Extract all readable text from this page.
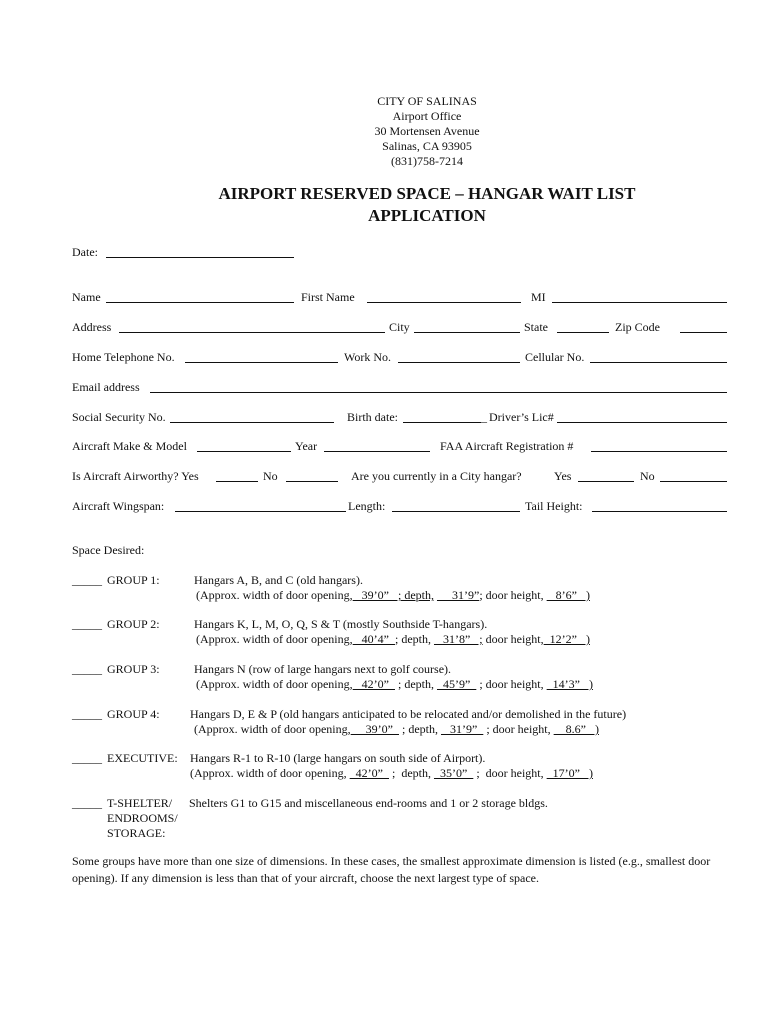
CITY OF SALINAS
Airport Office
30 Mortensen Avenue
Salinas, CA 93905
(831)758-7214
AIRPORT RESERVED SPACE – HANGAR WAIT LIST
APPLICATION
Date:
Name	First Name	MI
Address	City	State	Zip Code
Home Telephone No.	Work No.	Cellular No.
Email address
Social Security No.	Birth date:	_ Driver’s Lic#
Aircraft Make & Model	Year	FAA Aircraft Registration #
Is Aircraft Airworthy? Yes	No	Are you currently in a City hangar?	Yes	No
Aircraft Wingspan:	Length:	Tail Height:
Space Desired:
_____ GROUP 1:	Hangars A, B, and C (old hangars).
(Approx. width of door opening,   39’0”   ; depth,      31’9”; door height,    8’6”   )
_____ GROUP 2:	Hangars K, L, M, O, Q, S & T (mostly Southside T-hangars).
(Approx. width of door opening,   40’4”  ; depth,    31’8”   ; door height,  12’2”   )
_____ GROUP 3:	Hangars N (row of large hangars next to golf course).
(Approx. width of door opening,   42’0”   ; depth,   45’9”   ; door height,   14’3”   )
_____ GROUP 4:	Hangars D, E & P (old hangars anticipated to be relocated and/or demolished in the future)
(Approx. width of door opening,     39’0”   ; depth,    31’9”   ; door height,     8.6”   )
_____ EXECUTIVE: Hangars R-1 to R-10 (large hangars on south side of Airport).
(Approx. width of door opening,   42’0”   ;  depth,   35’0”   ;  door height,   17’0”   )
_____ T-SHELTER/
ENDROOMS/
STORAGE:
Shelters G1 to G15 and miscellaneous end-rooms and 1 or 2 storage bldgs.
Some groups have more than one size of dimensions. In these cases, the smallest approximate dimension is listed (e.g., smallest door opening). If any dimension is less than that of your aircraft, choose the next largest type of space.
